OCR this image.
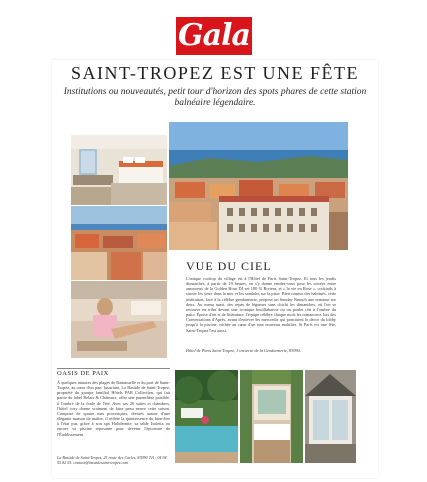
Gala
SAINT-TROPEZ EST UNE FÊTE
Institutions ou nouveautés, petit tour d'horizon des spots phares de cette station balnéaire légendaire.
VUE DU CIEL
L'unique rooftop du village est à l'Hôtel de Paris Saint-Tropez. Et tous les jeudis dimanches, à partir de 19 heures, on s'y donne rendez-vous pour les soirées entre amoureux de la Golden Hour DJ set 180 % Riviera, et « la vie en Rose », cocktails à siroter les yeux dans la mer et les sandales sur la piste. Bien connus des habitués, cette institution, face à la célèbre gendarmerie, propose un Sunday Brunch une semaine sur deux. Au menu aussi, des repas de légumes sans chichi les dimanches, où l'on se retrouve en tribu devant une iconique bouillabaisse ou un poulet rôti à l'ombre du patio. Éprise d'art et de littérature, l'équipe célèbre chaque mois les romanciers lors des Conversations d'Après, avant d'enlever les mercredis qui ponctuent le décor du lobby jusqu'à la piscine, nichée au cœur d'un tout nouveau mobilier. Si Paris est une fête, Saint-Tropez l'est aussi.
Hôtel de Paris Saint-Tropez, 1 traverse de la Gendarmerie, 83990.
OASIS DE PAIX
À quelques minutes des plages de Ramatuelle et du port de Saint-Tropez, au cœur d'un parc luxuriant, La Bastide de Saint-Tropez, propriété du groupe familial Hôtels PAR Collection, qui fait partie du label Relais & Châteaux, offre une parenthèse paisible, à l'ombre de la foule de l'été. Avec ses 26 suites et chambres, l'hôtel cosy donne vraiment de faire peau neuve cette saison. Composé de quatre mas provençaux, dressés autour d'une élégante maison de maître, il réfléte la quintessence du bien-être à l'état pur, grâce à son spa Holidermie, sa table Isoletta ou encore sa piscine reposante pour devenir l'épicentre de l'Établissement.
La Bastide de Saint-Tropez, 25 route des Carles, 83990 Tél : 04 94 55 82 55. contact@bastidesaint-tropez.com
